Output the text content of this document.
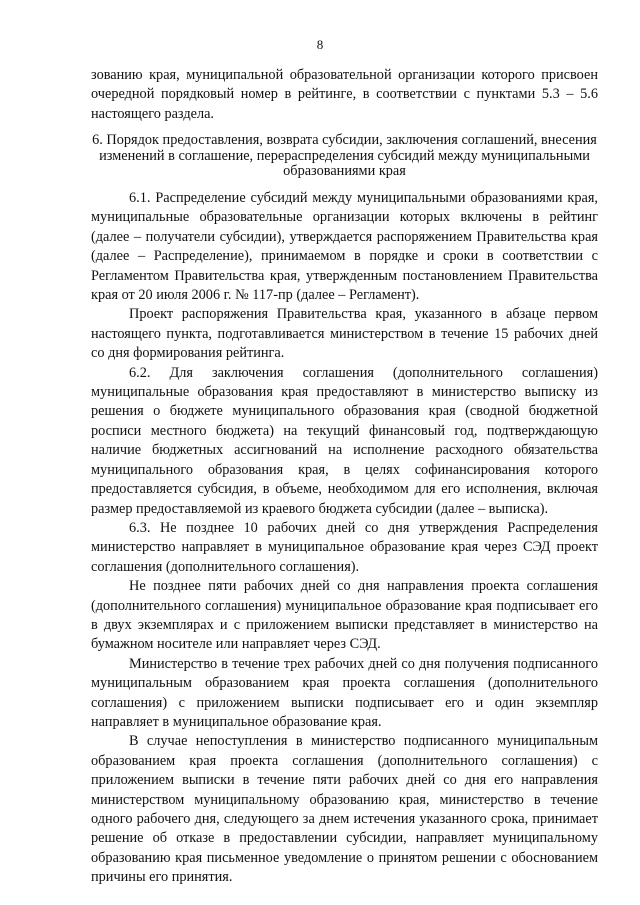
8
зованию края, муниципальной образовательной организации которого присвоен очередной порядковый номер в рейтинге, в соответствии с пунктами 5.3 – 5.6 настоящего раздела.
6. Порядок предоставления, возврата субсидии, заключения соглашений, внесения изменений в соглашение, перераспределения субсидий между муниципальными образованиями края

6.1. Распределение субсидий между муниципальными образованиями края, муниципальные образовательные организации которых включены в рейтинг (далее – получатели субсидии), утверждается распоряжением Правительства края (далее – Распределение), принимаемом в порядке и сроки в соответствии с Регламентом Правительства края, утвержденным постановлением Правительства края от 20 июля 2006 г. № 117-пр (далее – Регламент).

Проект распоряжения Правительства края, указанного в абзаце первом настоящего пункта, подготавливается министерством в течение 15 рабочих дней со дня формирования рейтинга.

6.2. Для заключения соглашения (дополнительного соглашения) муниципальные образования края предоставляют в министерство выписку из решения о бюджете муниципального образования края (сводной бюджетной росписи местного бюджета) на текущий финансовый год, подтверждающую наличие бюджетных ассигнований на исполнение расходного обязательства муниципального образования края, в целях софинансирования которого предоставляется субсидия, в объеме, необходимом для его исполнения, включая размер предоставляемой из краевого бюджета субсидии (далее – выписка).

6.3. Не позднее 10 рабочих дней со дня утверждения Распределения министерство направляет в муниципальное образование края через СЭД проект соглашения (дополнительного соглашения).

Не позднее пяти рабочих дней со дня направления проекта соглашения (дополнительного соглашения) муниципальное образование края подписывает его в двух экземплярах и с приложением выписки представляет в министерство на бумажном носителе или направляет через СЭД.

Министерство в течение трех рабочих дней со дня получения подписанного муниципальным образованием края проекта соглашения (дополнительного соглашения) с приложением выписки подписывает его и один экземпляр направляет в муниципальное образование края.

В случае непоступления в министерство подписанного муниципальным образованием края проекта соглашения (дополнительного соглашения) с приложением выписки в течение пяти рабочих дней со дня его направления министерством муниципальному образованию края, министерство в течение одного рабочего дня, следующего за днем истечения указанного срока, принимает решение об отказе в предоставлении субсидии, направляет муниципальному образованию края письменное уведомление о принятом решении с обоснованием причины его принятия.
